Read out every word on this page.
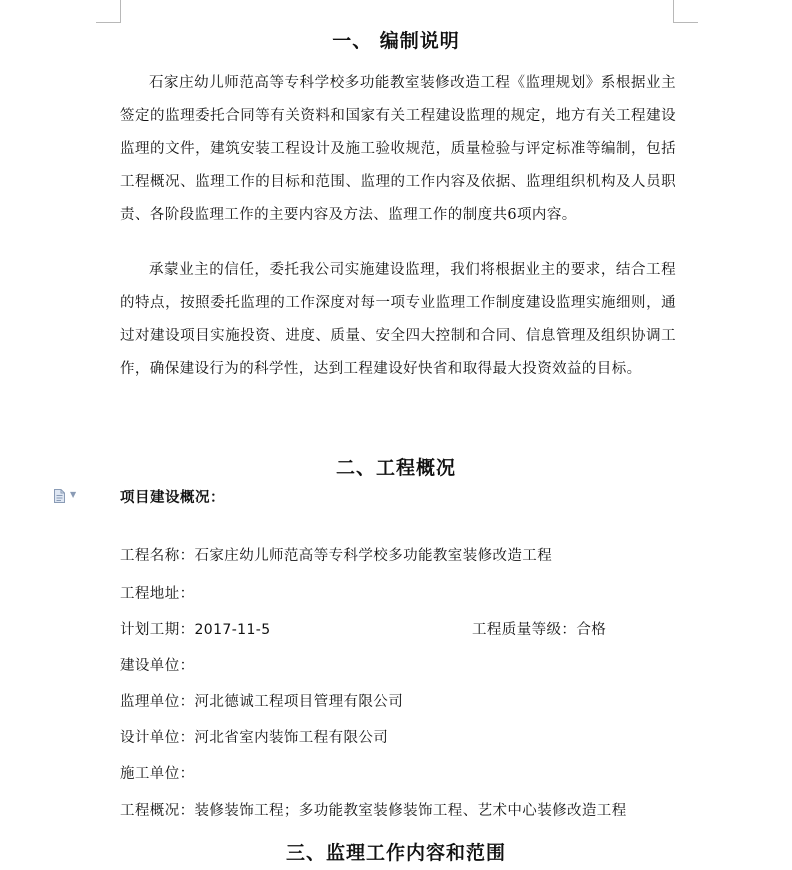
一、 编制说明

石家庄幼儿师范高等专科学校多功能教室装修改造工程《监理规划》系根据业主签定的监理委托合同等有关资料和国家有关工程建设监理的规定，地方有关工程建设监理的文件，建筑安装工程设计及施工验收规范，质量检验与评定标准等编制，包括工程概况、监理工作的目标和范围、监理的工作内容及依据、监理组织机构及人员职责、各阶段监理工作的主要内容及方法、监理工作的制度共6项内容。

承蒙业主的信任，委托我公司实施建设监理，我们将根据业主的要求，结合工程的特点，按照委托监理的工作深度对每一项专业监理工作制度建设监理实施细则，通过对建设项目实施投资、进度、质量、安全四大控制和合同、信息管理及组织协调工作，确保建设行为的科学性，达到工程建设好快省和取得最大投资效益的目标。

二、工程概况
▼	项目建设概况：
工程名称：石家庄幼儿师范高等专科学校多功能教室装修改造工程
工程地址：
计划工期：2017-11-5	工程质量等级：合格
建设单位：
监理单位：河北德诚工程项目管理有限公司
设计单位：河北省室内装饰工程有限公司
施工单位：
工程概况：装修装饰工程；多功能教室装修装饰工程、艺术中心装修改造工程
三、监理工作内容和范围
